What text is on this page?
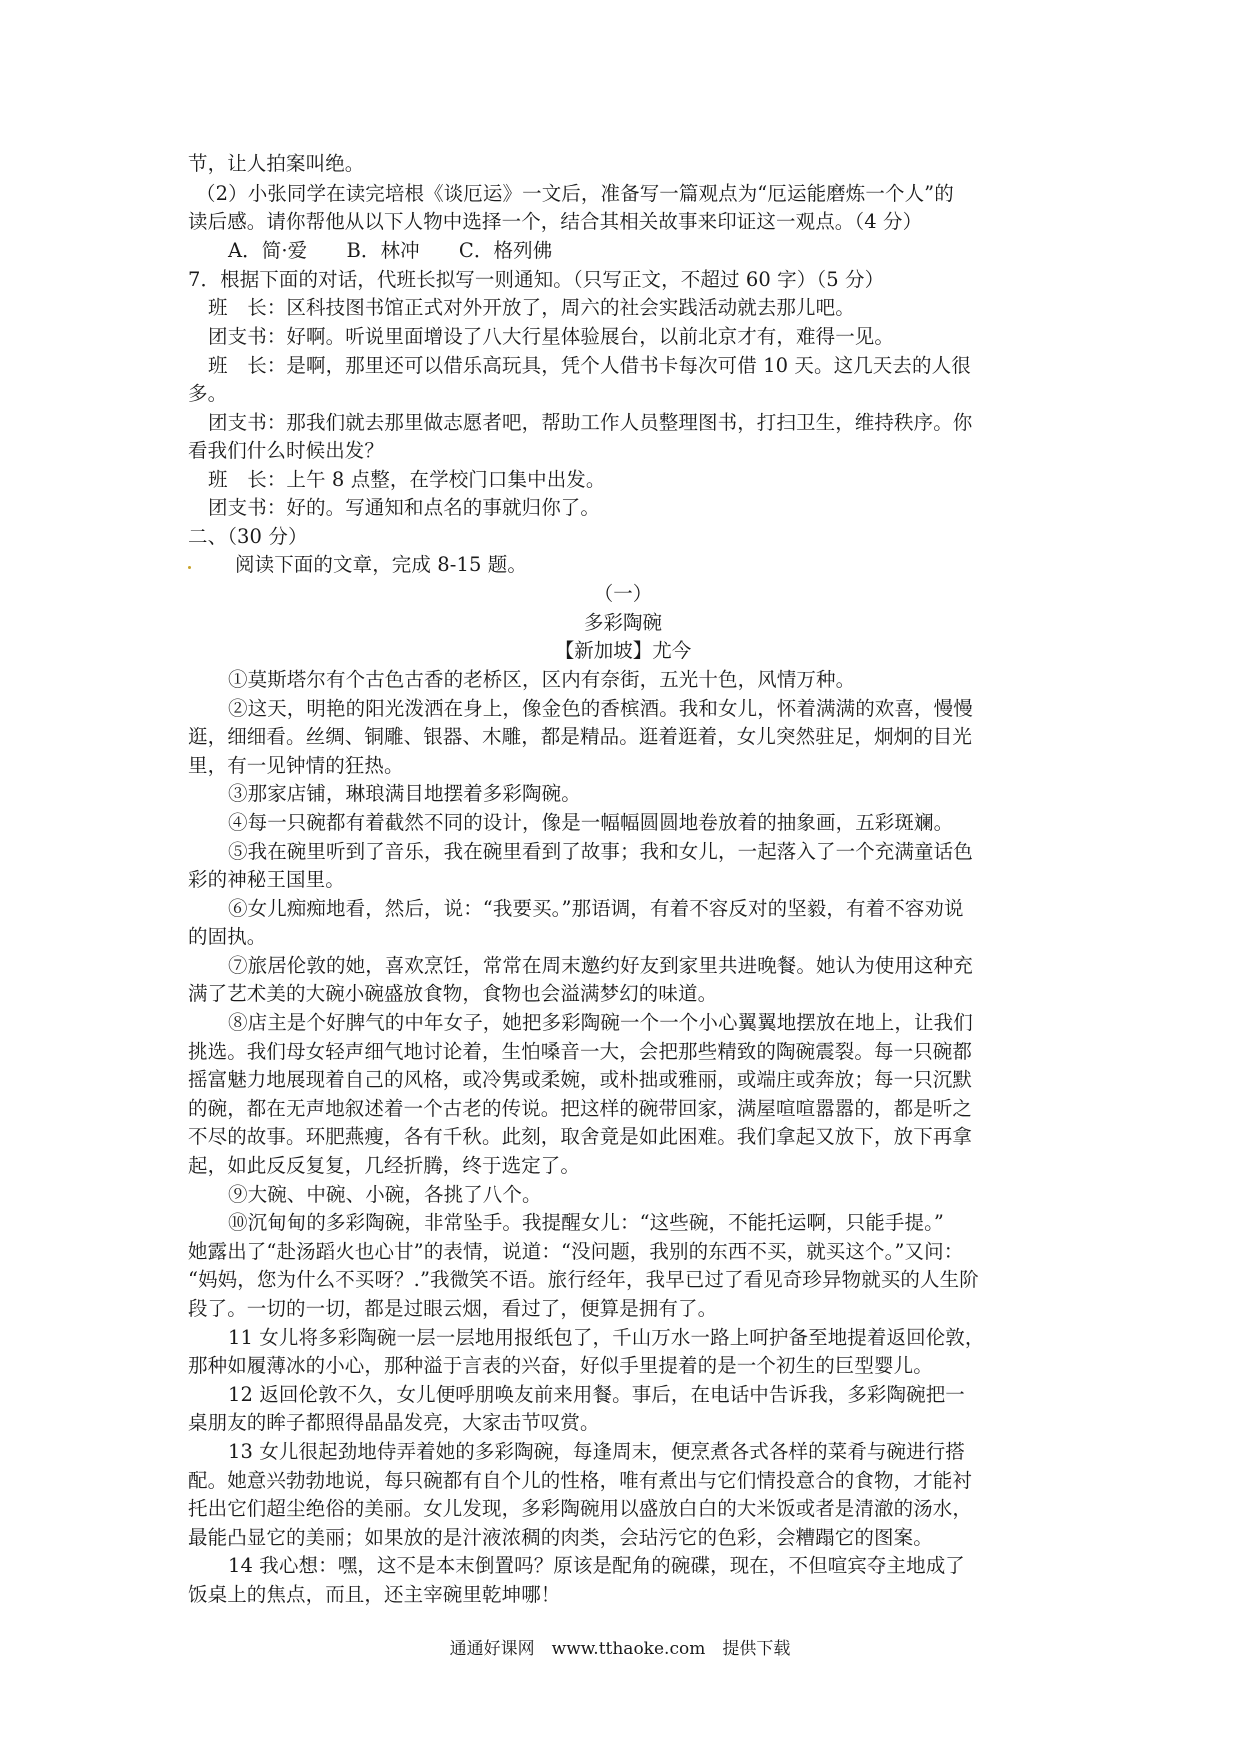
节，让人拍案叫绝。
（2）小张同学在读完培根《谈厄运》一文后，准备写一篇观点为“厄运能磨炼一个人”的
读后感。请你帮他从以下人物中选择一个，结合其相关故事来印证这一观点。（4 分）
A．简·爱　　B．林冲　　C．格列佛
7．根据下面的对话，代班长拟写一则通知。（只写正文，不超过 60 字）（5 分）
班　长：区科技图书馆正式对外开放了，周六的社会实践活动就去那儿吧。
团支书：好啊。听说里面增设了八大行星体验展台，以前北京才有，难得一见。
班　长：是啊，那里还可以借乐高玩具，凭个人借书卡每次可借 10 天。这几天去的人很
多。
团支书：那我们就去那里做志愿者吧，帮助工作人员整理图书，打扫卫生，维持秩序。你
看我们什么时候出发？
班　长：上午 8 点整，在学校门口集中出发。
团支书：好的。写通知和点名的事就归你了。
二、（30 分）
阅读下面的文章，完成 8-15 题。
（一）
多彩陶碗
【新加坡】尤今
①莫斯塔尔有个古色古香的老桥区，区内有奈街，五光十色，风情万种。
②这天，明艳的阳光泼洒在身上，像金色的香槟酒。我和女儿，怀着满满的欢喜，慢慢
逛，细细看。丝绸、铜雕、银器、木雕，都是精品。逛着逛着，女儿突然驻足，炯炯的目光
里，有一见钟情的狂热。
③那家店铺，琳琅满目地摆着多彩陶碗。
④每一只碗都有着截然不同的设计，像是一幅幅圆圆地卷放着的抽象画，五彩斑斓。
⑤我在碗里听到了音乐，我在碗里看到了故事；我和女儿，一起落入了一个充满童话色
彩的神秘王国里。
⑥女儿痴痴地看，然后，说：“我要买。”那语调，有着不容反对的坚毅，有着不容劝说
的固执。
⑦旅居伦敦的她，喜欢烹饪，常常在周末邀约好友到家里共进晚餐。她认为使用这种充
满了艺术美的大碗小碗盛放食物，食物也会溢满梦幻的味道。
⑧店主是个好脾气的中年女子，她把多彩陶碗一个一个小心翼翼地摆放在地上，让我们
挑选。我们母女轻声细气地讨论着，生怕嗓音一大，会把那些精致的陶碗震裂。每一只碗都
摇富魅力地展现着自己的风格，或冷隽或柔婉，或朴拙或雅丽，或端庄或奔放；每一只沉默
的碗，都在无声地叙述着一个古老的传说。把这样的碗带回家，满屋喧喧嚣嚣的，都是听之
不尽的故事。环肥燕瘦，各有千秋。此刻，取舍竟是如此困难。我们拿起又放下，放下再拿
起，如此反反复复，几经折腾，终于选定了。
⑨大碗、中碗、小碗，各挑了八个。
⑩沉甸甸的多彩陶碗，非常坠手。我提醒女儿：“这些碗，不能托运啊，只能手提。”
她露出了“赴汤蹈火也心甘”的表情，说道：“没问题，我别的东西不买，就买这个。”又问：
“妈妈，您为什么不买呀？.”我微笑不语。旅行经年，我早已过了看见奇珍异物就买的人生阶
段了。一切的一切，都是过眼云烟，看过了，便算是拥有了。
11 女儿将多彩陶碗一层一层地用报纸包了，千山万水一路上呵护备至地提着返回伦敦，
那种如履薄冰的小心，那种溢于言表的兴奋，好似手里提着的是一个初生的巨型婴儿。
12 返回伦敦不久，女儿便呼朋唤友前来用餐。事后，在电话中告诉我，多彩陶碗把一
桌朋友的眸子都照得晶晶发亮，大家击节叹赏。
13 女儿很起劲地侍弄着她的多彩陶碗，每逢周末，便烹煮各式各样的菜肴与碗进行搭
配。她意兴勃勃地说，每只碗都有自个儿的性格，唯有煮出与它们情投意合的食物，才能衬
托出它们超尘绝俗的美丽。女儿发现，多彩陶碗用以盛放白白的大米饭或者是清澈的汤水，
最能凸显它的美丽；如果放的是汁液浓稠的肉类，会玷污它的色彩，会糟蹋它的图案。
14 我心想：嘿，这不是本末倒置吗？原该是配角的碗碟，现在，不但喧宾夺主地成了
饭桌上的焦点，而且，还主宰碗里乾坤哪！
通通好课网　www.tthaoke.com　提供下载
